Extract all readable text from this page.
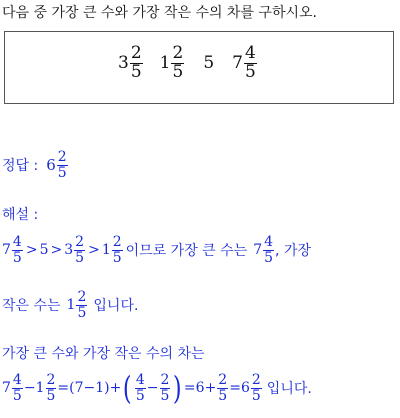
다음 중 가장 큰 수와 가장 작은 수의 차를 구하시오.
$3 \frac{2}{5} 1 \frac{2}{5} 5$ $7 \frac{4}{5}$
정답 : $6 \frac{2}{5}$
해설 :
$7 \frac{4}{5} > 5 > 3 \frac{2}{5} > 1 \frac{2}{5}$ 이므로 가장 큰 수는 $7 \frac{4}{5}$ , 가장
작은 수는 $1 \frac{2}{5}$ 입니다.
가장 큰 수와 가장 작은 수의 차는
$7 \frac{4}{5} - 1 \frac{2}{5} = (7-1)$ + ( $\frac{4}{5} - \frac{2}{5}$ ) = $6 + \frac{2}{5} = 6 \frac{2}{5}$ 입니다.
